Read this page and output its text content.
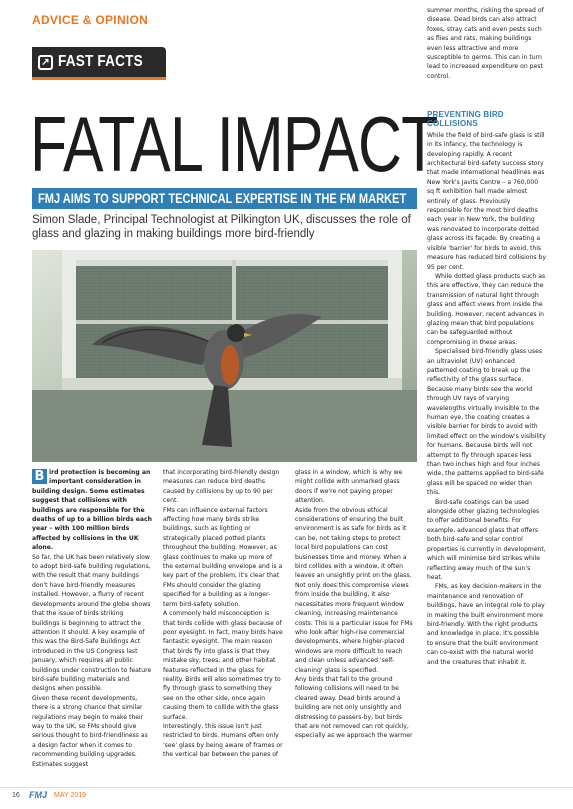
ADVICE & OPINION
↗ FAST FACTS

summer months, risking the spread of disease. Dead birds can also attract foxes, stray cats and even pests such as flies and rats, making buildings even less attractive and more susceptible to germs. This can in turn lead to increased expenditure on pest control.

FATAL IMPACT
FMJ AIMS TO SUPPORT TECHNICAL EXPERTISE IN THE FM MARKET

Simon Slade, Principal Technologist at Pilkington UK, discusses the role of glass and glazing in making buildings more bird-friendly

B ird protection is becoming an important consideration in building design. Some estimates suggest that collisions with buildings are responsible for the deaths of up to a billion birds each year – with 100 million birds affected by collisions in the UK alone.

So far, the UK has been relatively slow to adopt bird-safe building regulations, with the result that many buildings don't have bird-friendly measures installed. However, a flurry of recent developments around the globe shows that the issue of birds striking buildings is beginning to attract the attention it should. A key example of this was the Bird-Safe Buildings Act introduced in the US Congress last January, which requires all public buildings under construction to feature bird-safe building materials and designs when possible.

Given these recent developments, there is a strong chance that similar regulations may begin to make their way to the UK, so FMs should give serious thought to bird-friendliness as a design factor when it comes to recommending building upgrades. Estimates suggest

that incorporating bird-friendly design measures can reduce bird deaths caused by collisions by up to 90 per cent.

FMs can influence external factors affecting how many birds strike buildings, such as lighting or strategically placed potted plants throughout the building. However, as glass continues to make up more of the external building envelope and is a key part of the problem, it's clear that FMs should consider the glazing specified for a building as a longer-term bird-safety solution.

A commonly held misconception is that birds collide with glass because of poor eyesight. In fact, many birds have fantastic eyesight. The main reason that birds fly into glass is that they mistake sky, trees, and other habitat features reflected in the glass for reality. Birds will also sometimes try to fly through glass to something they see on the other side, once again causing them to collide with the glass surface.

Interestingly, this issue isn't just restricted to birds. Humans often only 'see' glass by being aware of frames or the vertical bar between the panes of

glass in a window, which is why we might collide with unmarked glass doors if we're not paying proper attention.

Aside from the obvious ethical considerations of ensuring the built environment is as safe for birds as it can be, not taking steps to protect local bird populations can cost businesses time and money. When a bird collides with a window, it often leaves an unsightly print on the glass. Not only does this compromise views from inside the building, it also necessitates more frequent window cleaning, increasing maintenance costs. This is a particular issue for FMs who look after high-rise commercial developments, where higher-placed windows are more difficult to reach and clean unless advanced 'self-cleaning' glass is specified.

Any birds that fall to the ground following collisions will need to be cleared away. Dead birds around a building are not only unsightly and distressing to passers-by, but birds that are not removed can rot quickly, especially as we approach the warmer

PREVENTING BIRD COLLISIONS

While the field of bird-safe glass is still in its infancy, the technology is developing rapidly. A recent architectural bird-safety success story that made international headlines was New York's Javits Centre – a 760,000 sq ft exhibition hall made almost entirely of glass. Previously responsible for the most bird deaths each year in New York, the building was renovated to incorporate dotted glass across its façade. By creating a visible 'barrier' for birds to avoid, this measure has reduced bird collisions by 95 per cent.

While dotted glass products such as this are effective, they can reduce the transmission of natural light through glass and affect views from inside the building. However, recent advances in glazing mean that bird populations can be safeguarded without compromising in these areas.

Specialised bird-friendly glass uses an ultraviolet (UV) enhanced patterned coating to break up the reflectivity of the glass surface. Because many birds see the world through UV rays of varying wavelengths virtually invisible to the human eye, the coating creates a visible barrier for birds to avoid with limited effect on the window's visibility for humans. Because birds will not attempt to fly through spaces less than two inches high and four inches wide, the patterns applied to bird-safe glass will be spaced no wider than this.

Bird-safe coatings can be used alongside other glazing technologies to offer additional benefits. For example, advanced glass that offers both bird-safe and solar control properties is currently in development, which will minimise bird strikes while reflecting away much of the sun's heat.

FMs, as key decision-makers in the maintenance and renovation of buildings, have an integral role to play in making the built environment more bird-friendly. With the right products and knowledge in place, it's possible to ensure that the built environment can co-exist with the natural world and the creatures that inhabit it.

16 FMJ MAY 2019
